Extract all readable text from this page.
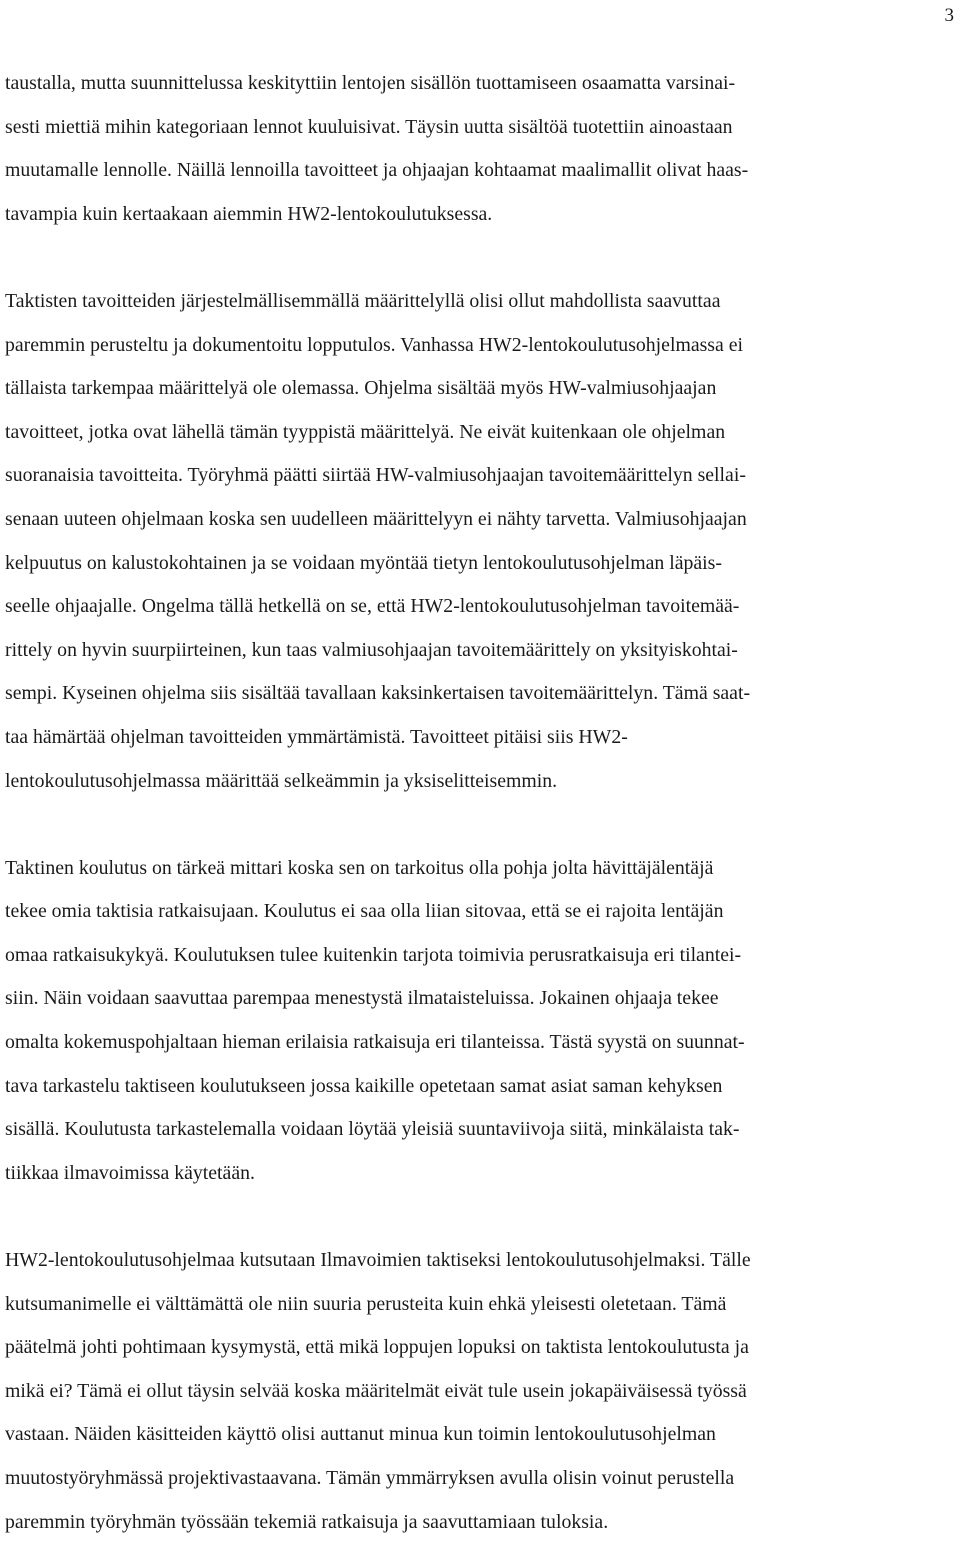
3
taustalla, mutta suunnittelussa keskityttiin lentojen sisällön tuottamiseen osaamatta varsinai-
sesti miettiä mihin kategoriaan lennot kuuluisivat. Täysin uutta sisältöä tuotettiin ainoastaan
muutamalle lennolle. Näillä lennoilla tavoitteet ja ohjaajan kohtaamat maalimallit olivat haas-
tavampia kuin kertaakaan aiemmin HW2-lentokoulutuksessa.
Taktisten tavoitteiden järjestelmällisemmällä määrittelyllä olisi ollut mahdollista saavuttaa
paremmin perusteltu ja dokumentoitu lopputulos. Vanhassa HW2-lentokoulutusohjelmassa ei
tällaista tarkempaa määrittelyä ole olemassa. Ohjelma sisältää myös HW-valmiusohjaajan
tavoitteet, jotka ovat lähellä tämän tyyppistä määrittelyä. Ne eivät kuitenkaan ole ohjelman
suoranaisia tavoitteita. Työryhmä päätti siirtää HW-valmiusohjaajan tavoitemäärittelyn sellai-
senaan uuteen ohjelmaan koska sen uudelleen määrittelyyn ei nähty tarvetta. Valmiusohjaajan
kelpuutus on kalustokohtainen ja se voidaan myöntää tietyn lentokoulutusohjelman läpäis-
seelle ohjaajalle. Ongelma tällä hetkellä on se, että HW2-lentokoulutusohjelman tavoitemää-
rittely on hyvin suurpiirteinen, kun taas valmiusohjaajan tavoitemäärittely on yksityiskohtai-
sempi. Kyseinen ohjelma siis sisältää tavallaan kaksinkertaisen tavoitemäärittelyn. Tämä saat-
taa hämärtää ohjelman tavoitteiden ymmärtämistä. Tavoitteet pitäisi siis HW2-
lentokoulutusohjelmassa määrittää selkeämmin ja yksiselitteisemmin.
Taktinen koulutus on tärkeä mittari koska sen on tarkoitus olla pohja jolta hävittäjälentäjä
tekee omia taktisia ratkaisujaan. Koulutus ei saa olla liian sitovaa, että se ei rajoita lentäjän
omaa ratkaisukykyä. Koulutuksen tulee kuitenkin tarjota toimivia perusratkaisuja eri tilantei-
siin. Näin voidaan saavuttaa parempaa menestystä ilmataisteluissa. Jokainen ohjaaja tekee
omalta kokemuspohjaltaan hieman erilaisia ratkaisuja eri tilanteissa. Tästä syystä on suunnat-
tava tarkastelu taktiseen koulutukseen jossa kaikille opetetaan samat asiat saman kehyksen
sisällä. Koulutusta tarkastelemalla voidaan löytää yleisiä suuntaviivoja siitä, minkälaista tak-
tiikkaa ilmavoimissa käytetään.
HW2-lentokoulutusohjelmaa kutsutaan Ilmavoimien taktiseksi lentokoulutusohjelmaksi. Tälle
kutsumanimelle ei välttämättä ole niin suuria perusteita kuin ehkä yleisesti oletetaan. Tämä
päätelmä johti pohtimaan kysymystä, että mikä loppujen lopuksi on taktista lentokoulutusta ja
mikä ei? Tämä ei ollut täysin selvää koska määritelmät eivät tule usein jokapäiväisessä työssä
vastaan. Näiden käsitteiden käyttö olisi auttanut minua kun toimin lentokoulutusohjelman
muutostyöryhmässä projektivastaavana. Tämän ymmärryksen avulla olisin voinut perustella
paremmin työryhmän työssään tekemiä ratkaisuja ja saavuttamiaan tuloksia.
